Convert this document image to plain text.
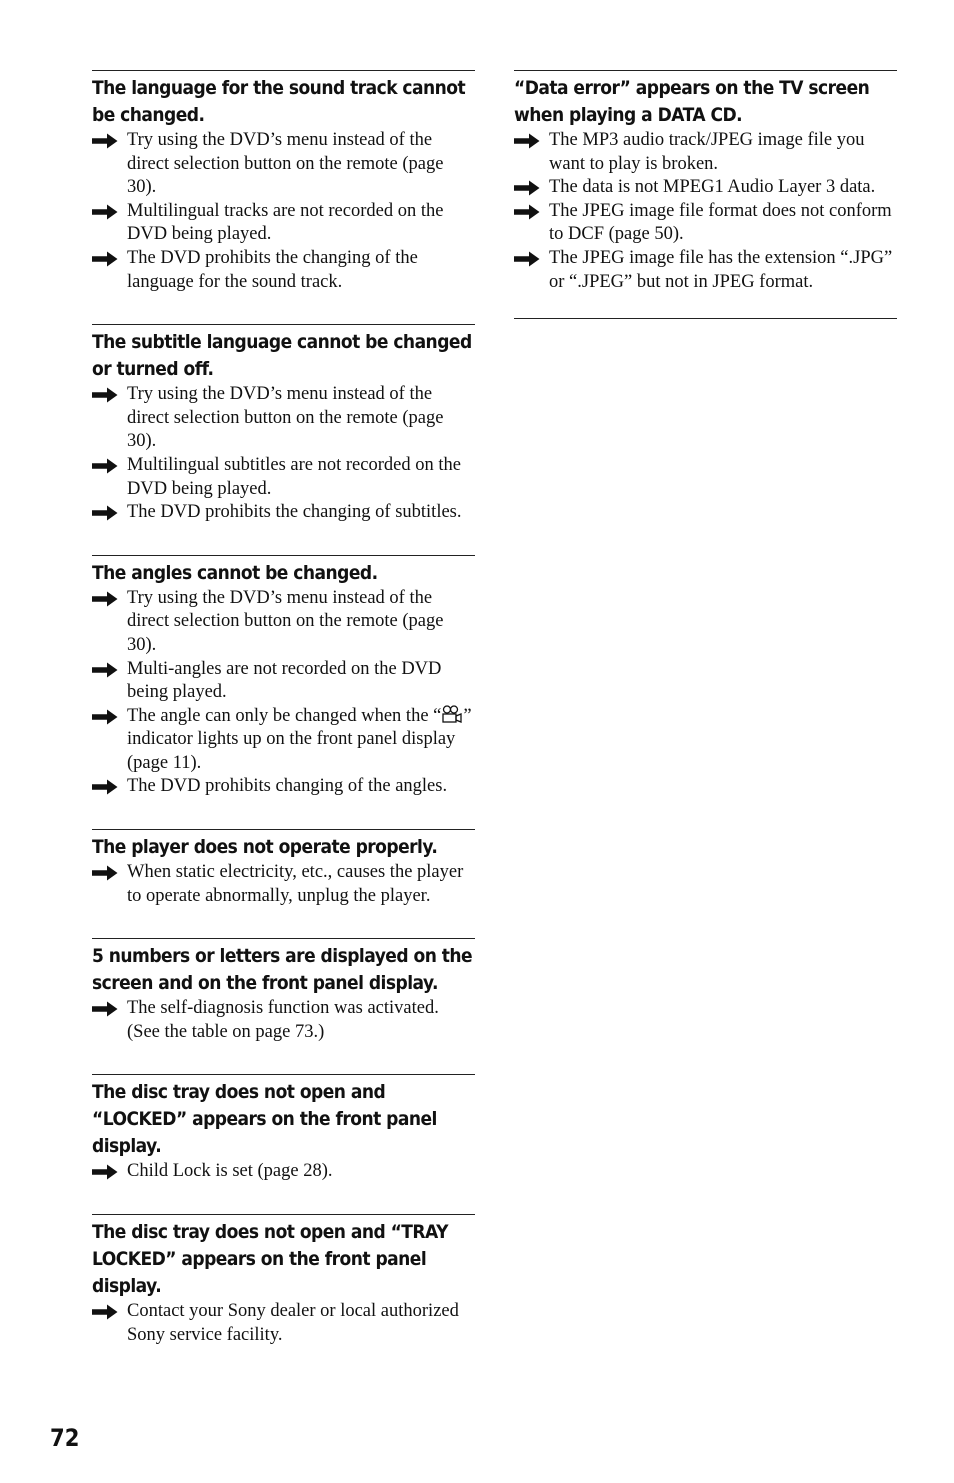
The language for the sound track cannot be changed.
Try using the DVD’s menu instead of the direct selection button on the remote (page 30).
Multilingual tracks are not recorded on the DVD being played.
The DVD prohibits the changing of the language for the sound track.
The subtitle language cannot be changed or turned off.
Try using the DVD’s menu instead of the direct selection button on the remote (page 30).
Multilingual subtitles are not recorded on the DVD being played.
The DVD prohibits the changing of subtitles.
The angles cannot be changed.
Try using the DVD’s menu instead of the direct selection button on the remote (page 30).
Multi-angles are not recorded on the DVD being played.
The angle can only be changed when the “ ” indicator lights up on the front panel display (page 11).
The DVD prohibits changing of the angles.
The player does not operate properly.
When static electricity, etc., causes the player to operate abnormally, unplug the player.
5 numbers or letters are displayed on the screen and on the front panel display.
The self-diagnosis function was activated. (See the table on page 73.)
The disc tray does not open and “LOCKED” appears on the front panel display.
Child Lock is set (page 28).
The disc tray does not open and “TRAY LOCKED” appears on the front panel display.
Contact your Sony dealer or local authorized Sony service facility.
“Data error” appears on the TV screen when playing a DATA CD.
The MP3 audio track/JPEG image file you want to play is broken.
The data is not MPEG1 Audio Layer 3 data.
The JPEG image file format does not conform to DCF (page 50).
The JPEG image file has the extension “.JPG” or “.JPEG” but not in JPEG format.
72
